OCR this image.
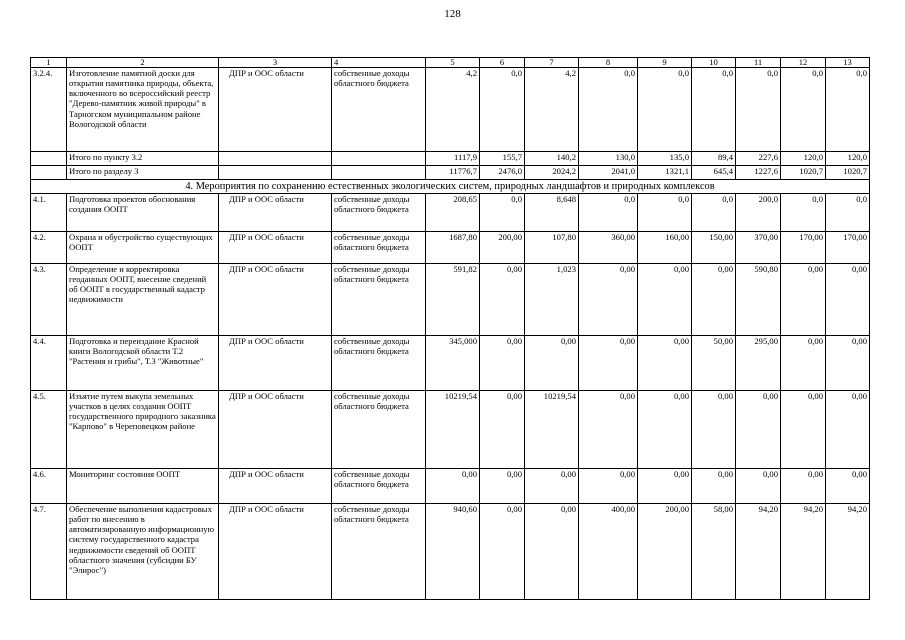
128
1	2	3	4	5	6	7	8	9	10	11	12	13
3.2.4.	Изготовление памятной доски для открытия памятника природы, объекта, включенного во всероссийский реестр "Дерево-памятник живой природы" в Тарногском муниципальном районе Вологодской области	ДПР и ООС области	собственные доходы областного бюджета	4,2	0,0	4,2	0,0	0,0	0,0	0,0	0,0	0,0
	Итого по пункту 3.2			1117,9	155,7	140,2	130,0	135,0	89,4	227,6	120,0	120,0
	Итого по разделу 3			11776,7	2476,0	2024,2	2041,0	1321,1	645,4	1227,6	1020,7	1020,7
4. Мероприятия по сохранению естественных экологических систем, природных ландшафтов и природных комплексов												
4.1.	Подготовка проектов обоснования создания ООПТ	ДПР и ООС области	собственные доходы областного бюджета	208,65	0,0	8,648	0,0	0,0	0,0	200,0	0,0	0,0
4.2.	Охрана и обустройство существующих ООПТ	ДПР и ООС области	собственные доходы областного бюджета	1687,80	200,00	107,80	360,00	160,00	150,00	370,00	170,00	170,00
4.3.	Определение и корректировка геоданных ООПТ, внесение сведений об ООПТ в государственный кадастр недвижимости	ДПР и ООС области	собственные доходы областного бюджета	591,82	0,00	1,023	0,00	0,00	0,00	590,80	0,00	0,00
4.4.	Подготовка и переиздание Красной книги Вологодской области Т.2 "Растения и грибы", Т.3 "Животные"	ДПР и ООС области	собственные доходы областного бюджета	345,000	0,00	0,00	0,00	0,00	50,00	295,00	0,00	0,00
4.5.	Изъятие путем выкупа земельных участков в целях создания ООПТ государственного природного заказника "Карпово" в Череповецком районе	ДПР и ООС области	собственные доходы областного бюджета	10219,54	0,00	10219,54	0,00	0,00	0,00	0,00	0,00	0,00
4.6.	Мониторинг состояния ООПТ	ДПР и ООС области	собственные доходы областного бюджета	0,00	0,00	0,00	0,00	0,00	0,00	0,00	0,00	0,00
4.7.	Обеспечение выполнения кадастровых работ по внесению в автоматизированную информационную систему государственного кадастра недвижимости сведений об ООПТ областного значения (субсидии БУ "Элирос")	ДПР и ООС области	собственные доходы областного бюджета	940,60	0,00	0,00	400,00	200,00	58,00	94,20	94,20	94,20
